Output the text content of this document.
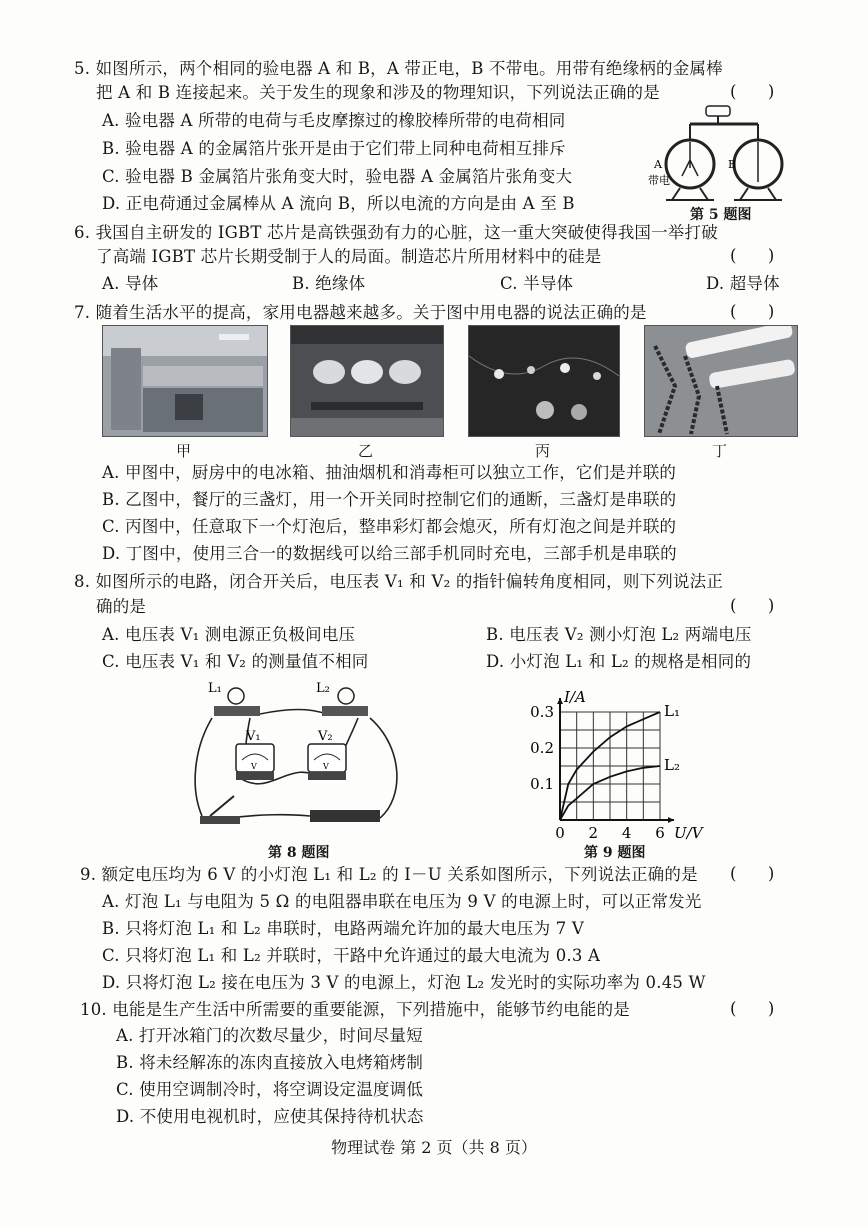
5. 如图所示，两个相同的验电器 A 和 B，A 带正电，B 不带电。用带有绝缘柄的金属棒
把 A 和 B 连接起来。关于发生的现象和涉及的物理知识，下列说法正确的是	(      )
A. 验电器 A 所带的电荷与毛皮摩擦过的橡胶棒所带的电荷相同
B. 验电器 A 的金属箔片张开是由于它们带上同种电荷相互排斥
C. 验电器 B 金属箔片张角变大时，验电器 A 金属箔片张角变大
D. 正电荷通过金属棒从 A 流向 B，所以电流的方向是由 A 至 B
A
带电
B
第 5 题图
6. 我国自主研发的 IGBT 芯片是高铁强劲有力的心脏，这一重大突破使得我国一举打破
了高端 IGBT 芯片长期受制于人的局面。制造芯片所用材料中的硅是	(      )
A. 导体	B. 绝缘体	C. 半导体	D. 超导体
7. 随着生活水平的提高，家用电器越来越多。关于图中用电器的说法正确的是	(      )
甲	乙	丙	丁
A. 甲图中，厨房中的电冰箱、抽油烟机和消毒柜可以独立工作，它们是并联的
B. 乙图中，餐厅的三盏灯，用一个开关同时控制它们的通断，三盏灯是串联的
C. 丙图中，任意取下一个灯泡后，整串彩灯都会熄灭，所有灯泡之间是并联的
D. 丁图中，使用三合一的数据线可以给三部手机同时充电，三部手机是串联的
8. 如图所示的电路，闭合开关后，电压表 V₁ 和 V₂ 的指针偏转角度相同，则下列说法正
确的是	(      )
A. 电压表 V₁ 测电源正负极间电压	B. 电压表 V₂ 测小灯泡 L₂ 两端电压
C. 电压表 V₁ 和 V₂ 的测量值不相同	D. 小灯泡 L₁ 和 L₂ 的规格是相同的
L₁	L₂
V₁	V₂
V	V
第 8 题图
L₁
L₂
0 2 4 6
0.1
0.2
0.3
U/V
I/A
第 9 题图
9. 额定电压均为 6 V 的小灯泡 L₁ 和 L₂ 的 I－U 关系如图所示，下列说法正确的是 (      )
A. 灯泡 L₁ 与电阻为 5 Ω 的电阻器串联在电压为 9 V 的电源上时，可以正常发光
B. 只将灯泡 L₁ 和 L₂ 串联时，电路两端允许加的最大电压为 7 V
C. 只将灯泡 L₁ 和 L₂ 并联时，干路中允许通过的最大电流为 0.3 A
D. 只将灯泡 L₂ 接在电压为 3 V 的电源上，灯泡 L₂ 发光时的实际功率为 0.45 W
10. 电能是生产生活中所需要的重要能源，下列措施中，能够节约电能的是	(      )
A. 打开冰箱门的次数尽量少，时间尽量短
B. 将未经解冻的冻肉直接放入电烤箱烤制
C. 使用空调制冷时，将空调设定温度调低
D. 不使用电视机时，应使其保持待机状态
物理试卷 第 2 页（共 8 页）
